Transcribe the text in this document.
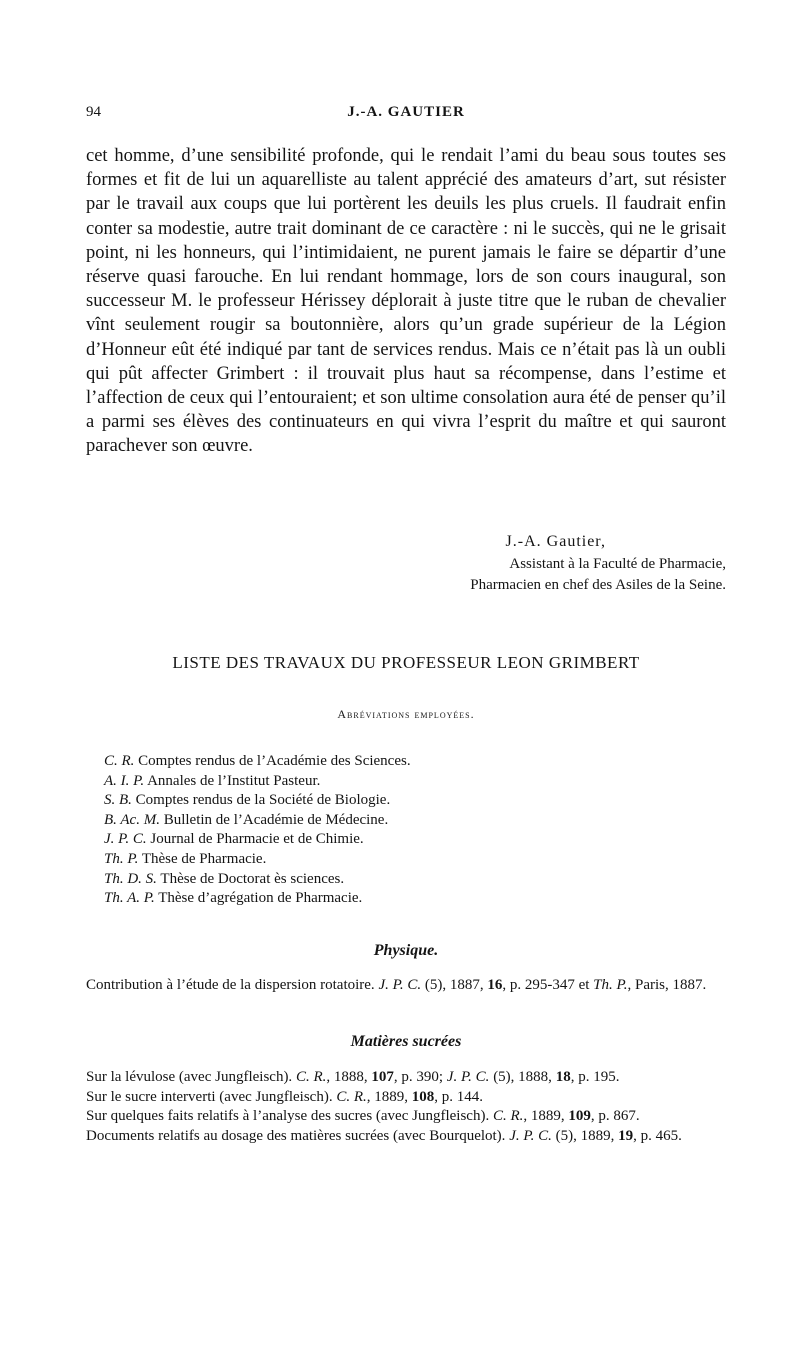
94	J.-A. GAUTIER

cet homme, d’une sensibilité profonde, qui le rendait l’ami du beau sous toutes ses formes et fit de lui un aquarelliste au talent apprécié des amateurs d’art, sut résister par le travail aux coups que lui portèrent les deuils les plus cruels. Il faudrait enfin conter sa modestie, autre trait dominant de ce caractère : ni le succès, qui ne le grisait point, ni les honneurs, qui l’intimidaient, ne purent jamais le faire se départir d’une réserve quasi farouche. En lui rendant hommage, lors de son cours inaugural, son successeur M. le professeur Hérissey déplorait à juste titre que le ruban de chevalier vînt seulement rougir sa boutonnière, alors qu’un grade supérieur de la Légion d’Honneur eût été indiqué par tant de services rendus. Mais ce n’était pas là un oubli qui pût affecter Grimbert : il trouvait plus haut sa récompense, dans l’estime et l’affection de ceux qui l’entouraient; et son ultime consolation aura été de penser qu’il a parmi ses élèves des continuateurs en qui vivra l’esprit du maître et qui sauront parachever son œuvre.

J.-A. Gautier,
Assistant à la Faculté de Pharmacie,
Pharmacien en chef des Asiles de la Seine.
LISTE DES TRAVAUX DU PROFESSEUR LEON GRIMBERT
Abréviations employées.
C. R. Comptes rendus de l’Académie des Sciences.
A. I. P. Annales de l’Institut Pasteur.
S. B. Comptes rendus de la Société de Biologie.
B. Ac. M. Bulletin de l’Académie de Médecine.
J. P. C. Journal de Pharmacie et de Chimie.
Th. P. Thèse de Pharmacie.
Th. D. S. Thèse de Doctorat ès sciences.
Th. A. P. Thèse d’agrégation de Pharmacie.
Physique.
Contribution à l’étude de la dispersion rotatoire. J. P. C. (5), 1887, 16, p. 295-347 et Th. P., Paris, 1887.
Matières sucrées
Sur la lévulose (avec Jungfleisch). C. R., 1888, 107, p. 390; J. P. C. (5), 1888, 18, p. 195.
Sur le sucre interverti (avec Jungfleisch). C. R., 1889, 108, p. 144.
Sur quelques faits relatifs à l’analyse des sucres (avec Jungfleisch). C. R., 1889, 109, p. 867.
Documents relatifs au dosage des matières sucrées (avec Bourquelot). J. P. C. (5), 1889, 19, p. 465.
